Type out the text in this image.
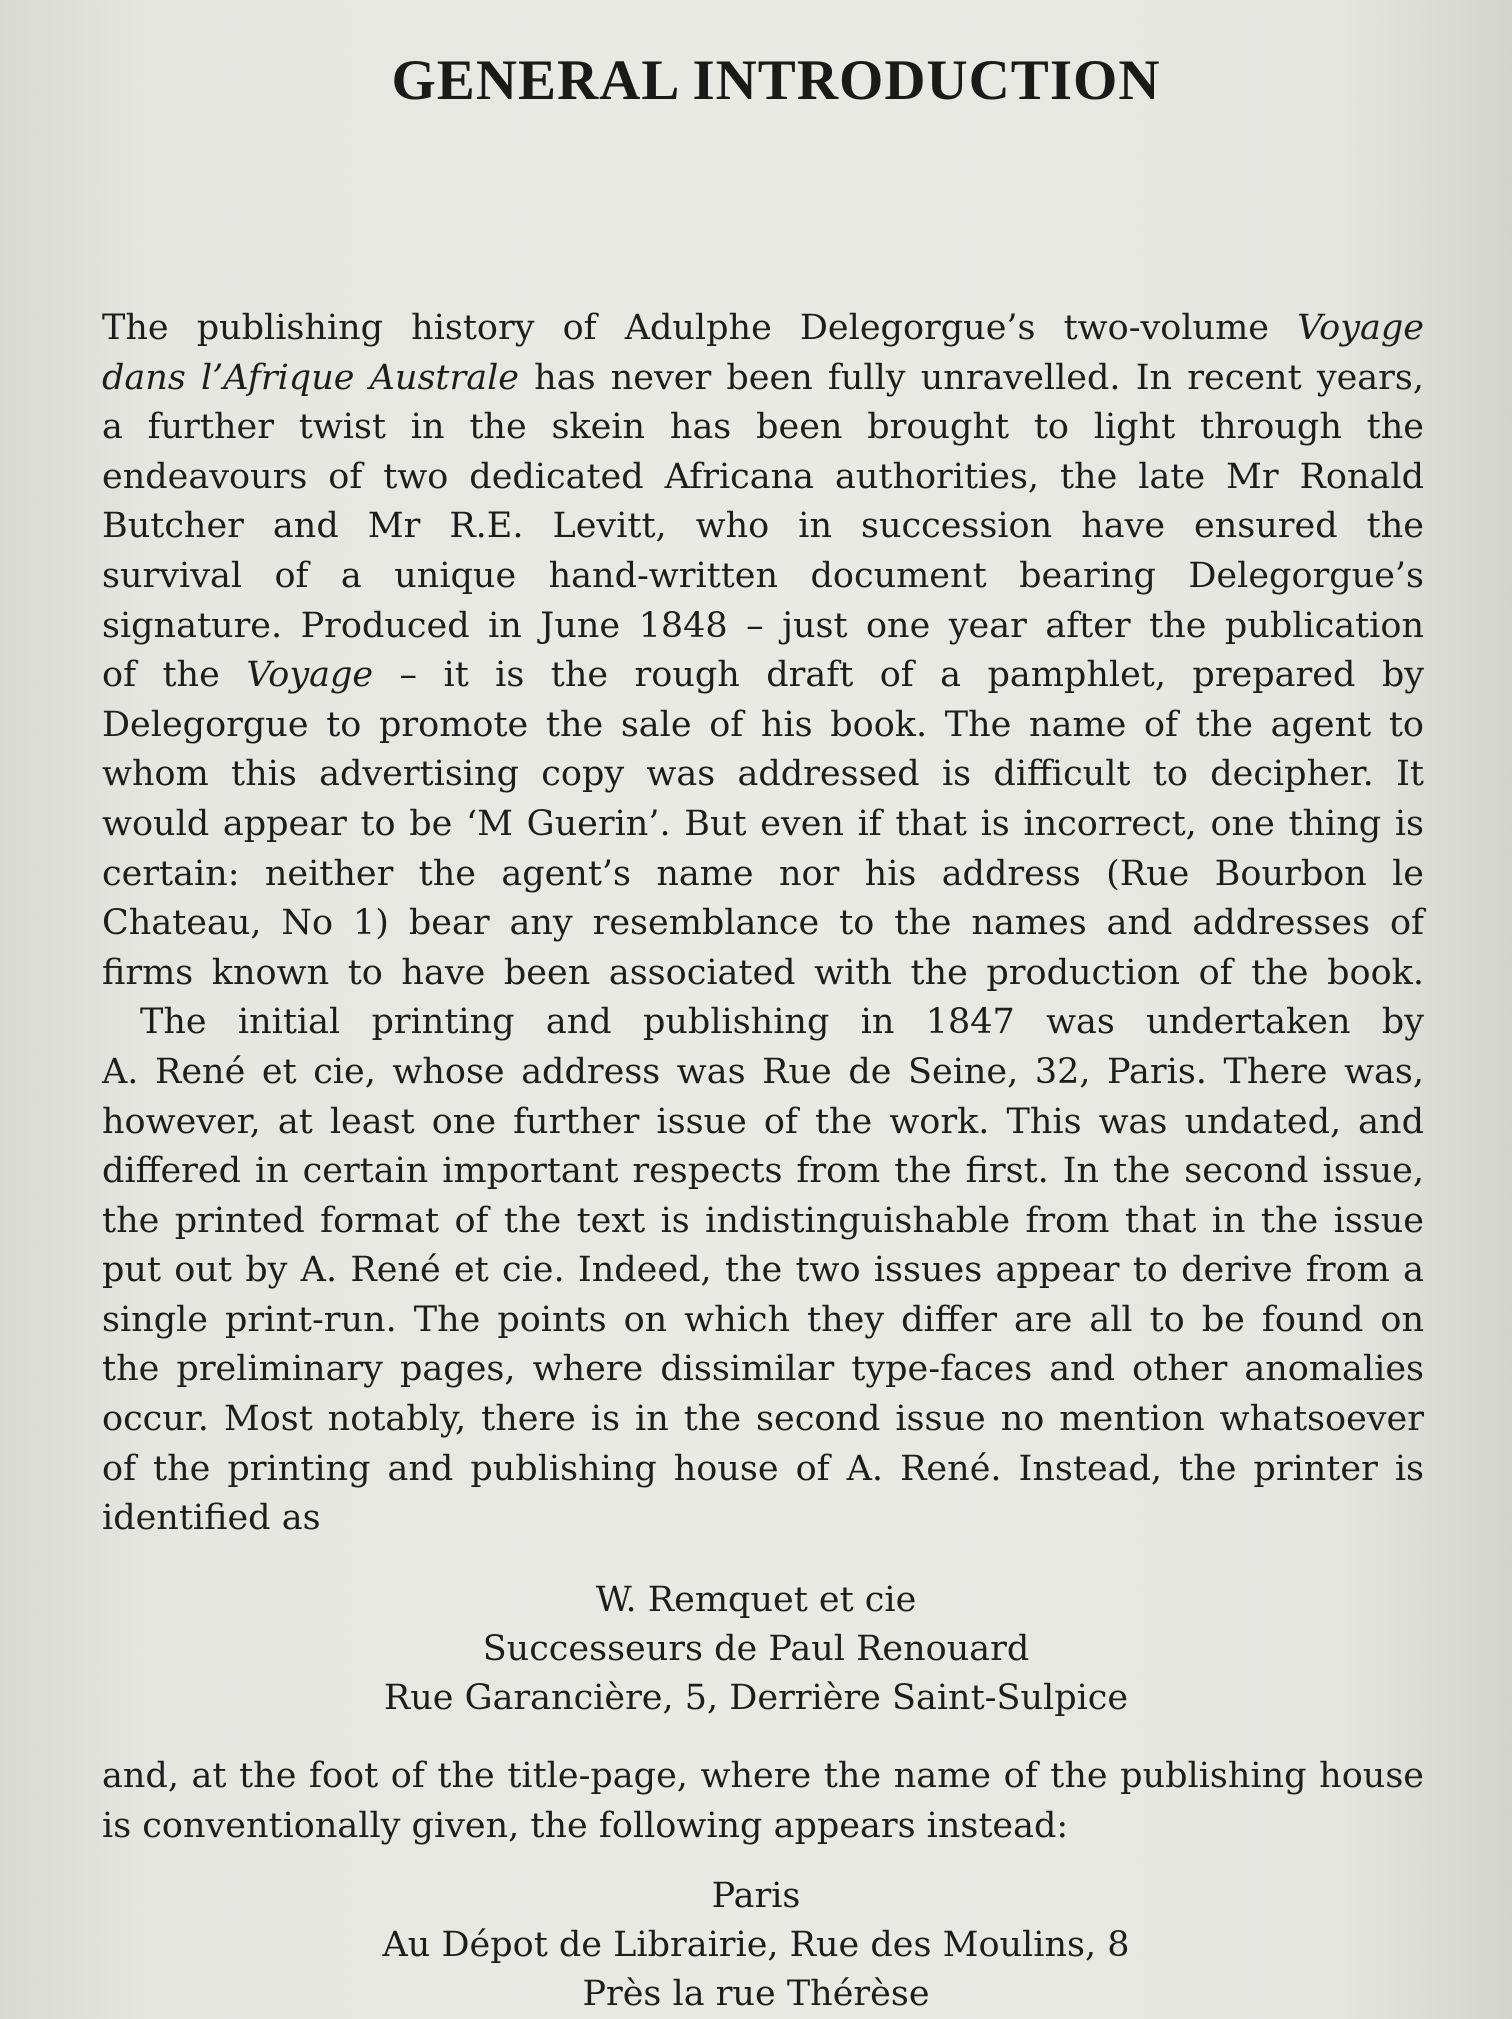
GENERAL INTRODUCTION
The publishing history of Adulphe Delegorgue’s two-volume Voyage
dans l’Afrique Australe has never been fully unravelled. In recent years,
a further twist in the skein has been brought to light through the
endeavours of two dedicated Africana authorities, the late Mr Ronald
Butcher and Mr R.E. Levitt, who in succession have ensured the
survival of a unique hand-written document bearing Delegorgue’s
signature. Produced in June 1848 – just one year after the publication
of the Voyage – it is the rough draft of a pamphlet, prepared by
Delegorgue to promote the sale of his book. The name of the agent to
whom this advertising copy was addressed is difficult to decipher. It
would appear to be ‘M Guerin’. But even if that is incorrect, one thing is
certain: neither the agent’s name nor his address (Rue Bourbon le
Chateau, No 1) bear any resemblance to the names and addresses of
firms known to have been associated with the production of the book.
The initial printing and publishing in 1847 was undertaken by
A. René et cie, whose address was Rue de Seine, 32, Paris. There was,
however, at least one further issue of the work. This was undated, and
differed in certain important respects from the first. In the second issue,
the printed format of the text is indistinguishable from that in the issue
put out by A. René et cie. Indeed, the two issues appear to derive from a
single print-run. The points on which they differ are all to be found on
the preliminary pages, where dissimilar type-faces and other anomalies
occur. Most notably, there is in the second issue no mention whatsoever
of the printing and publishing house of A. René. Instead, the printer is
identified as
W. Remquet et cie
Successeurs de Paul Renouard
Rue Garancière, 5, Derrière Saint-Sulpice
and, at the foot of the title-page, where the name of the publishing house
is conventionally given, the following appears instead:
Paris
Au Dépot de Librairie, Rue des Moulins, 8
Près la rue Thérèse
